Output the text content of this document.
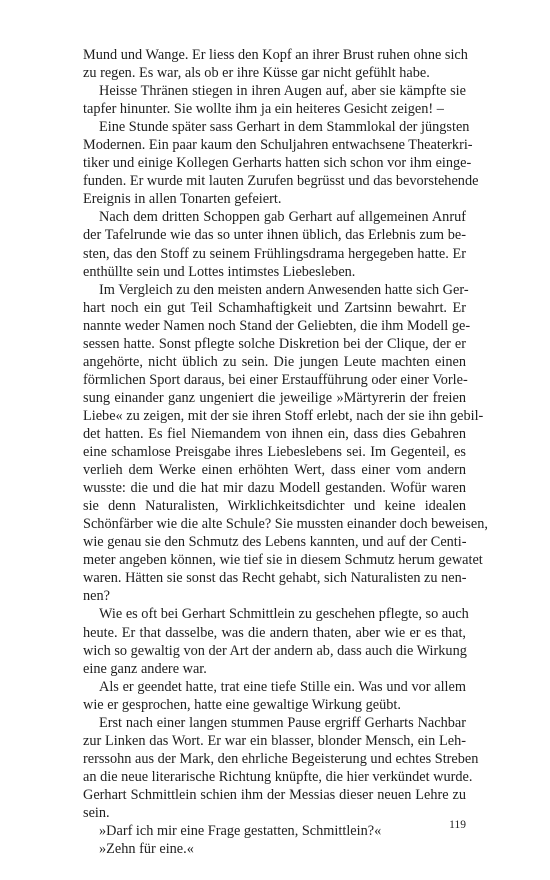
Mund und Wange. Er liess den Kopf an ihrer Brust ruhen ohne sich
zu regen. Es war, als ob er ihre Küsse gar nicht gefühlt habe.
Heisse Thränen stiegen in ihren Augen auf, aber sie kämpfte sie
tapfer hinunter. Sie wollte ihm ja ein heiteres Gesicht zeigen! –
Eine Stunde später sass Gerhart in dem Stammlokal der jüngsten
Modernen. Ein paar kaum den Schuljahren entwachsene Theaterkri-
tiker und einige Kollegen Gerharts hatten sich schon vor ihm einge-
funden. Er wurde mit lauten Zurufen begrüsst und das bevorstehende
Ereignis in allen Tonarten gefeiert.
Nach dem dritten Schoppen gab Gerhart auf allgemeinen Anruf
der Tafelrunde wie das so unter ihnen üblich, das Erlebnis zum be-
sten, das den Stoff zu seinem Frühlingsdrama hergegeben hatte. Er
enthüllte sein und Lottes intimstes Liebesleben.
Im Vergleich zu den meisten andern Anwesenden hatte sich Ger-
hart noch ein gut Teil Schamhaftigkeit und Zartsinn bewahrt. Er
nannte weder Namen noch Stand der Geliebten, die ihm Modell ge-
sessen hatte. Sonst pflegte solche Diskretion bei der Clique, der er
angehörte, nicht üblich zu sein. Die jungen Leute machten einen
förmlichen Sport daraus, bei einer Erstaufführung oder einer Vorle-
sung einander ganz ungeniert die jeweilige »Märtyrerin der freien
Liebe« zu zeigen, mit der sie ihren Stoff erlebt, nach der sie ihn gebil-
det hatten. Es fiel Niemandem von ihnen ein, dass dies Gebahren
eine schamlose Preisgabe ihres Liebeslebens sei. Im Gegenteil, es
verlieh dem Werke einen erhöhten Wert, dass einer vom andern
wusste: die und die hat mir dazu Modell gestanden. Wofür waren
sie denn Naturalisten, Wirklichkeitsdichter und keine idealen
Schönfärber wie die alte Schule? Sie mussten einander doch beweisen,
wie genau sie den Schmutz des Lebens kannten, und auf der Centi-
meter angeben können, wie tief sie in diesem Schmutz herum gewatet
waren. Hätten sie sonst das Recht gehabt, sich Naturalisten zu nen-
nen?
Wie es oft bei Gerhart Schmittlein zu geschehen pflegte, so auch
heute. Er that dasselbe, was die andern thaten, aber wie er es that,
wich so gewaltig von der Art der andern ab, dass auch die Wirkung
eine ganz andere war.
Als er geendet hatte, trat eine tiefe Stille ein. Was und vor allem
wie er gesprochen, hatte eine gewaltige Wirkung geübt.
Erst nach einer langen stummen Pause ergriff Gerharts Nachbar
zur Linken das Wort. Er war ein blasser, blonder Mensch, ein Leh-
rerssohn aus der Mark, den ehrliche Begeisterung und echtes Streben
an die neue literarische Richtung knüpfte, die hier verkündet wurde.
Gerhart Schmittlein schien ihm der Messias dieser neuen Lehre zu
sein.
»Darf ich mir eine Frage gestatten, Schmittlein?«
»Zehn für eine.«
119
